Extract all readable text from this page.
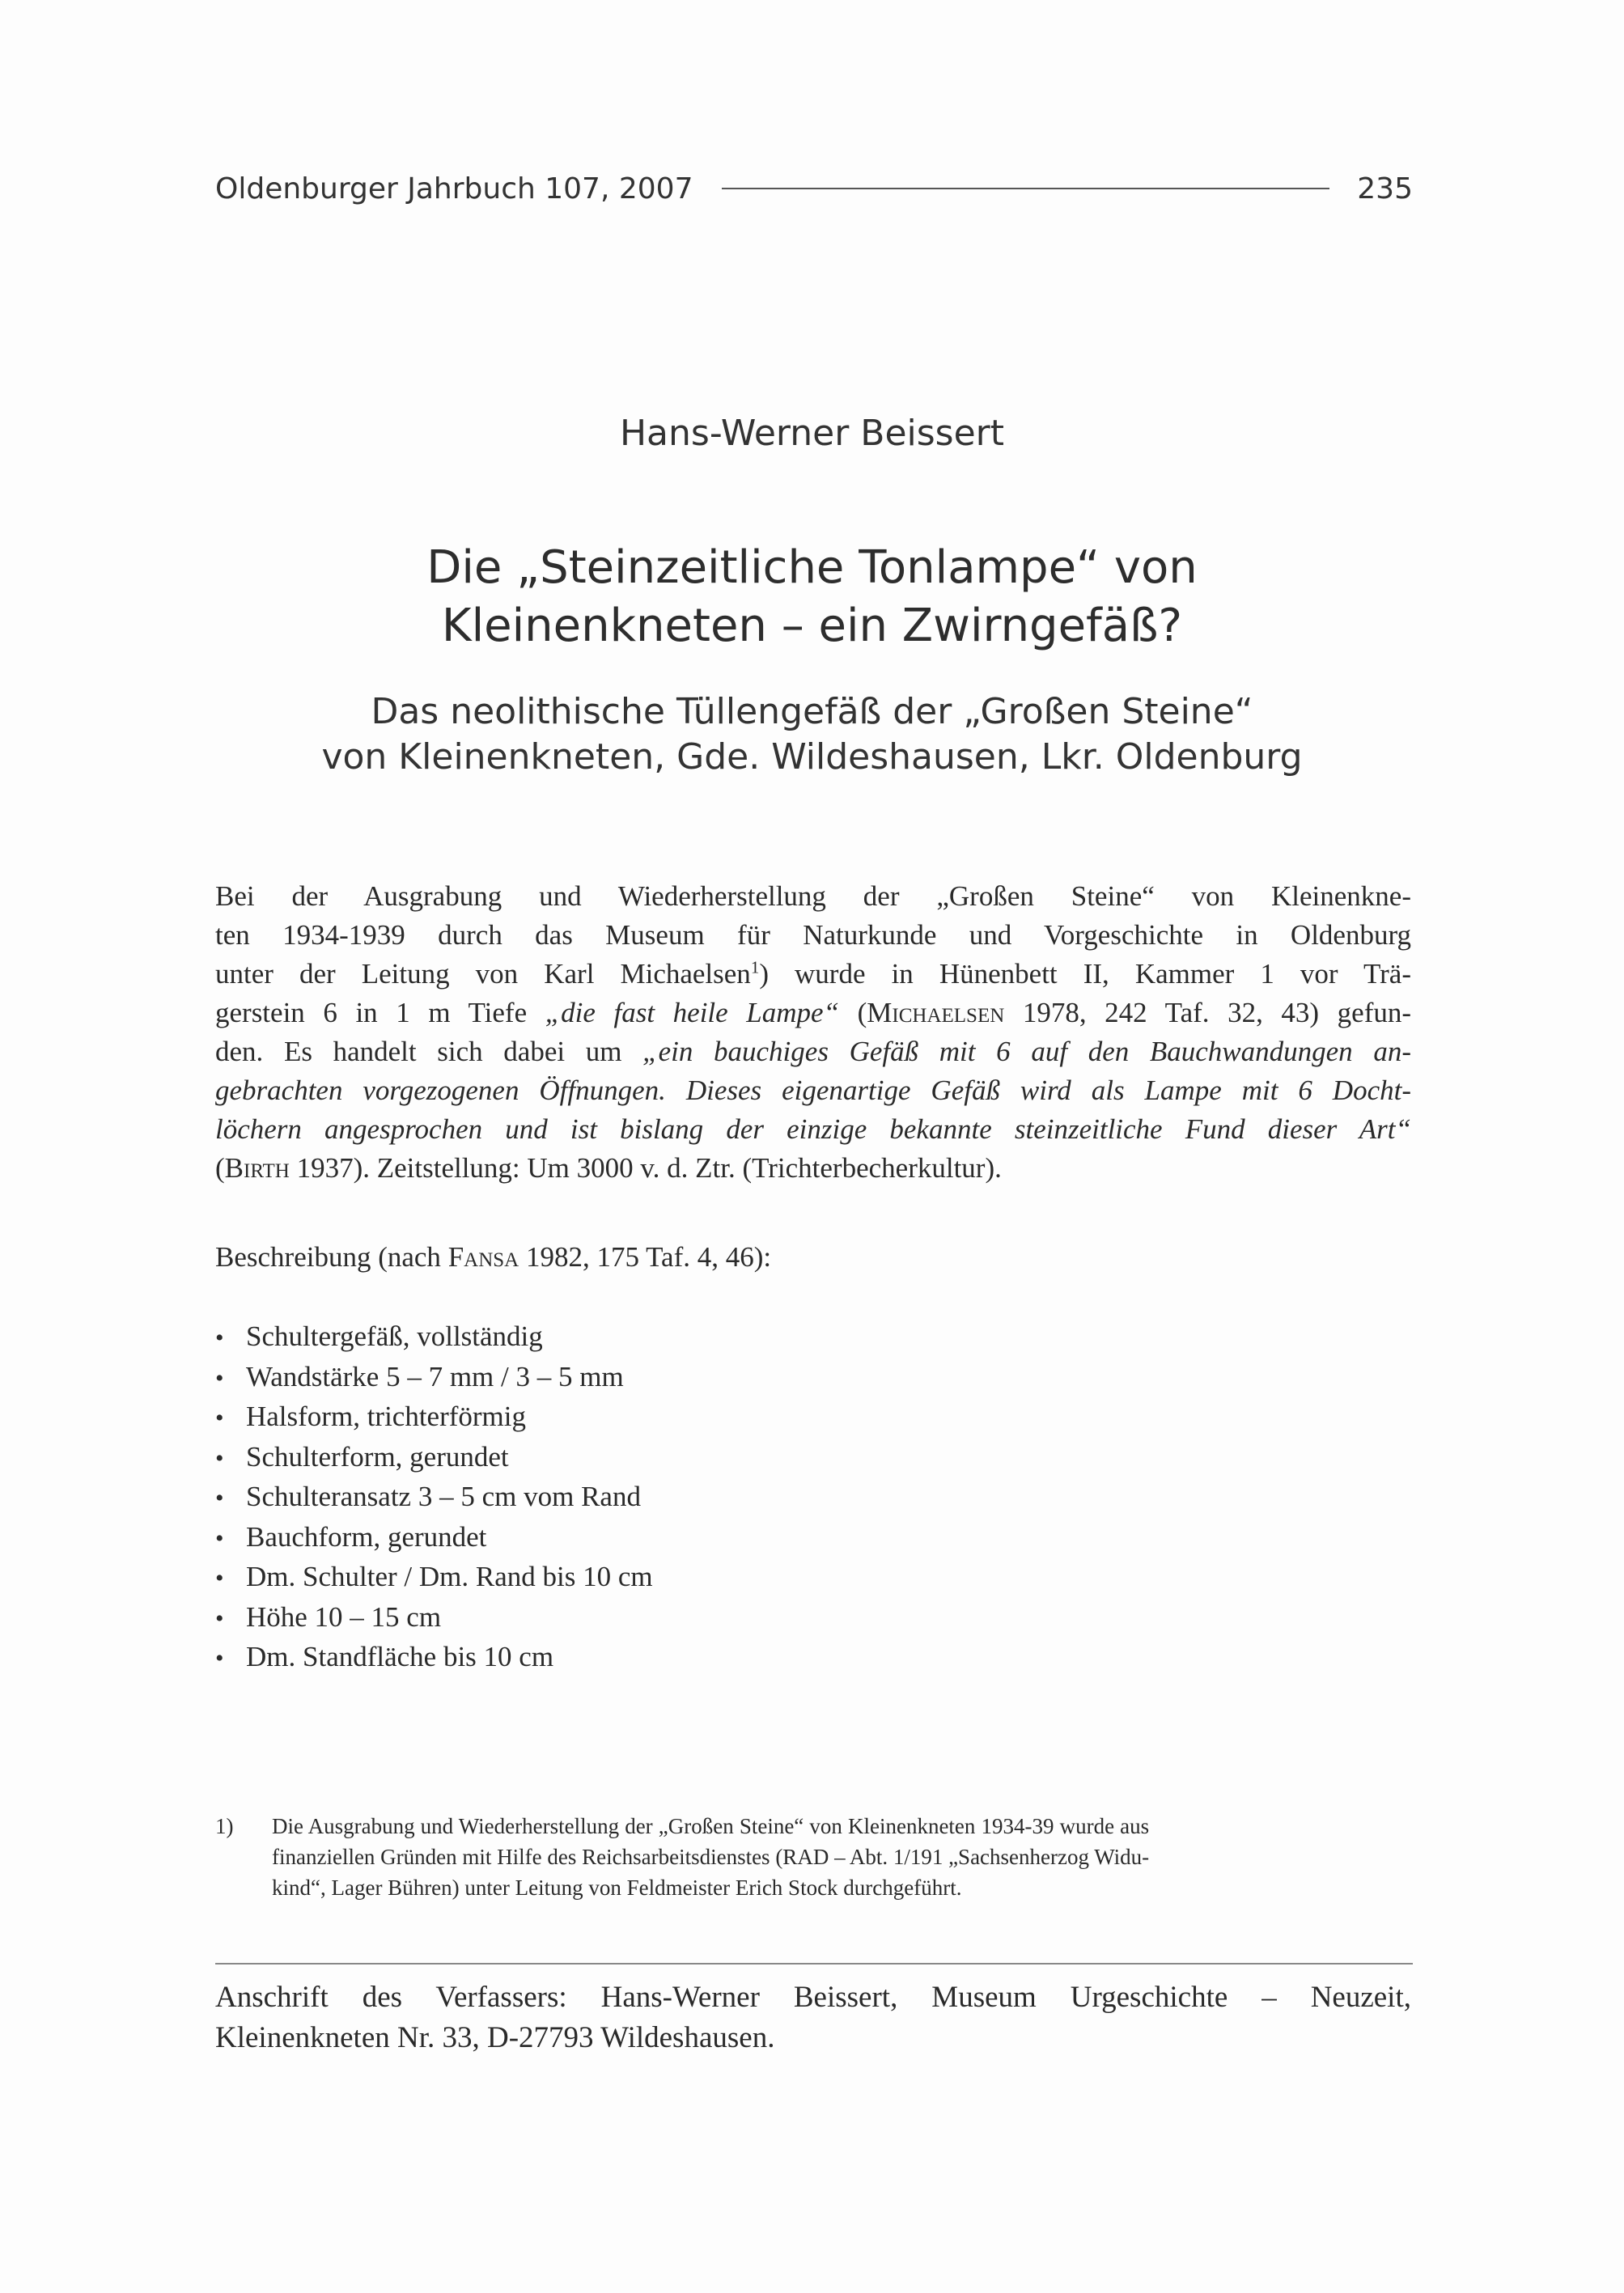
Oldenburger Jahrbuch 107, 2007	235
Hans-Werner Beissert
Die „Steinzeitliche Tonlampe“ von
Kleinenkneten – ein Zwirngefäß?
Das neolithische Tüllengefäß der „Großen Steine“
von Kleinenkneten, Gde. Wildeshausen, Lkr. Oldenburg
Bei der Ausgrabung und Wiederherstellung der „Großen Steine“ von Kleinenkne-
ten 1934-1939 durch das Museum für Naturkunde und Vorgeschichte in Oldenburg
unter der Leitung von Karl Michaelsen$^1$) wurde in Hünenbett II, Kammer 1 vor Trä-
gerstein 6 in 1 m Tiefe „die fast heile Lampe“ (Michaelsen 1978, 242 Taf. 32, 43) gefun-
den. Es handelt sich dabei um „ein bauchiges Gefäß mit 6 auf den Bauchwandungen an-
gebrachten vorgezogenen Öffnungen. Dieses eigenartige Gefäß wird als Lampe mit 6 Docht-
löchern angesprochen und ist bislang der einzige bekannte steinzeitliche Fund dieser Art“
(Birth 1937). Zeitstellung: Um 3000 v. d. Ztr. (Trichterbecherkultur).
Beschreibung (nach Fansa 1982, 175 Taf. 4, 46):
• Schultergefäß, vollständig
• Wandstärke 5 – 7 mm / 3 – 5 mm
• Halsform, trichterförmig
• Schulterform, gerundet
• Schulteransatz 3 – 5 cm vom Rand
• Bauchform, gerundet
• Dm. Schulter / Dm. Rand bis 10 cm
• Höhe 10 – 15 cm
• Dm. Standfläche bis 10 cm
1)	Die Ausgrabung und Wiederherstellung der „Großen Steine“ von Kleinenkneten 1934-39 wurde aus
finanziellen Gründen mit Hilfe des Reichsarbeitsdienstes (RAD – Abt. 1/191 „Sachsenherzog Widu-
kind“, Lager Bühren) unter Leitung von Feldmeister Erich Stock durchgeführt.
Anschrift des Verfassers: Hans-Werner Beissert, Museum Urgeschichte – Neuzeit,
Kleinenkneten Nr. 33, D-27793 Wildeshausen.
